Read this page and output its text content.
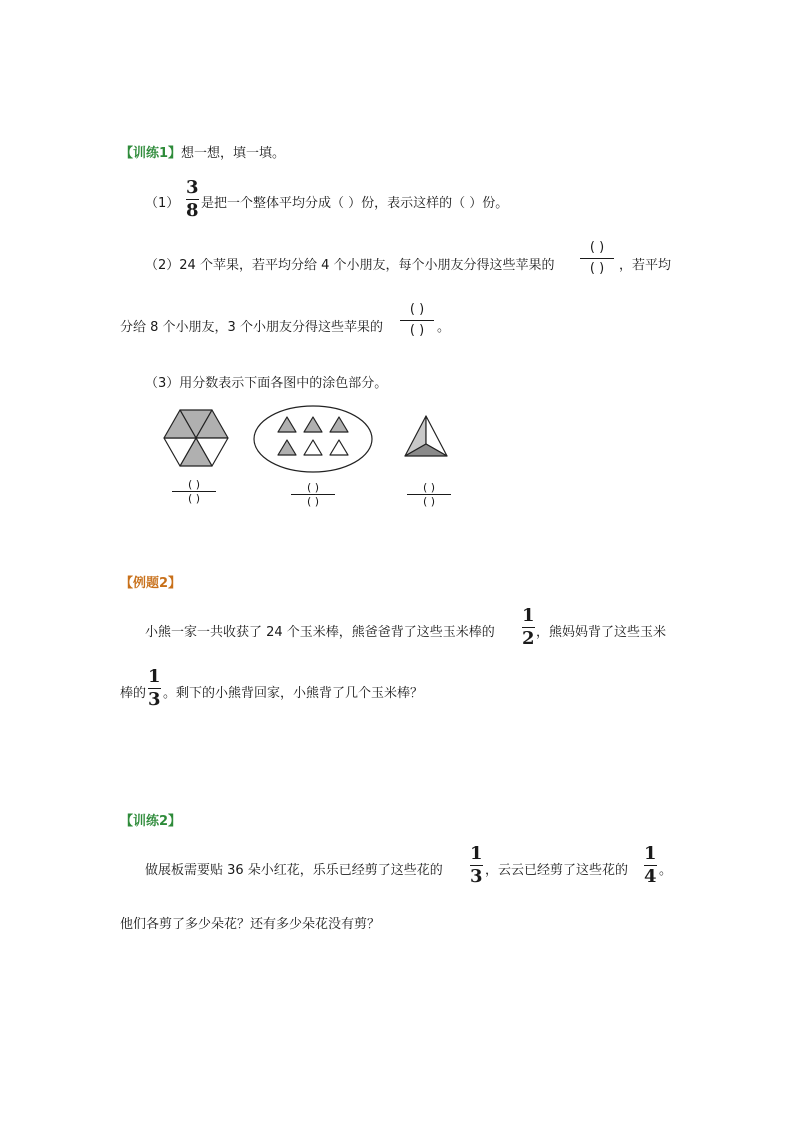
【训练1】想一想，填一填。
（1）
3
8 是把一个整体平均分成（ ）份，表示这样的（ ）份。
（2）24 个苹果，若平均分给 4 个小朋友，每个小朋友分得这些苹果的
( )
( ) ，若平均
分给 8 个小朋友，3 个小朋友分得这些苹果的
( )
( ) 。
（3）用分数表示下面各图中的涂色部分。
( )
( )
( )
( )
( )
( )
【例题2】
小熊一家一共收获了 24 个玉米棒，熊爸爸背了这些玉米棒的
1
2 ，熊妈妈背了这些玉米
棒的
1
3 。剩下的小熊背回家，小熊背了几个玉米棒？
【训练2】
做展板需要贴 36 朵小红花，乐乐已经剪了这些花的
1
3 ，云云已经剪了这些花的
1
4 。
他们各剪了多少朵花？还有多少朵花没有剪？
